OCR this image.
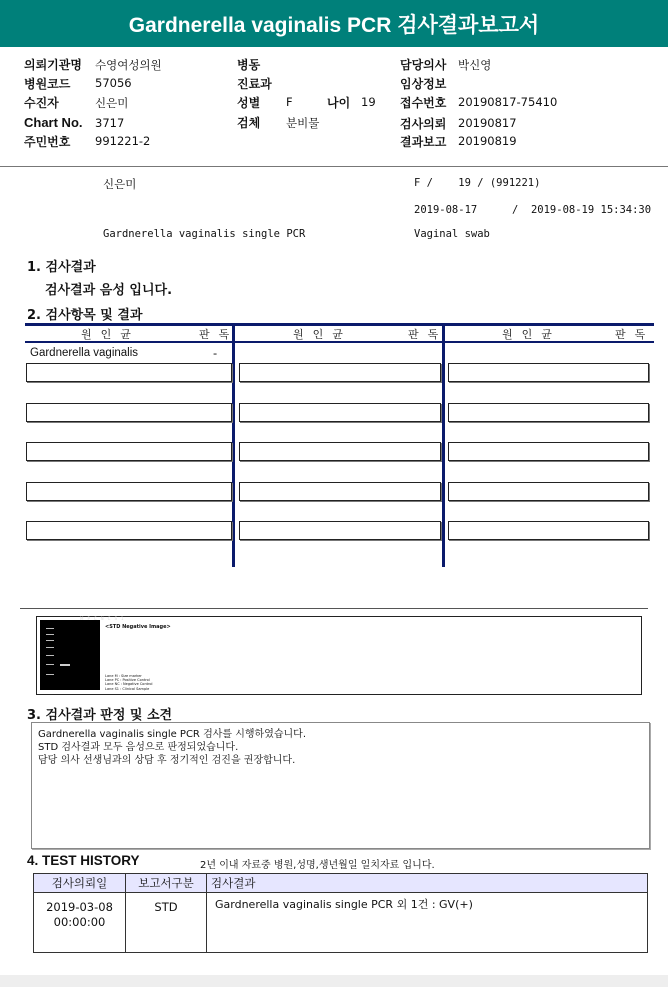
Gardnerella vaginalis PCR 검사결과보고서
의뢰기관명 수영여성의원
병원코드 57056
수진자	신은미
Chart No. 3717
주민번호 991221-2
병동
진료과
성별 F	나이 19
검체 분비물
담당의사 박신영
임상정보
접수번호 20190817-75410
검사의뢰 20190817
결과보고 20190819
신은미	F /    19 / (991221)
2019-08-17	/  2019-08-19 15:34:30
Gardnerella vaginalis single PCR	Vaginal swab
1. 검사결과
검사결과 음성 입니다.
2. 검사항목 및 결과
원인균	판독	원인균	판독	원인균	판독
Gardnerella vaginalis	-
MPCNCS1
<STD Negative Image>
Lane M : Size marker
Lane PC : Positive Control
Lane NC : Negative Control
Lane S1 : Clinical Sample
3. 검사결과 판정 및 소견
Gardnerella vaginalis single PCR 검사를 시행하였습니다.
STD 검사결과 모두 음성으로 판정되었습니다.
담당 의사 선생님과의 상담 후 정기적인 검진을 권장합니다.
4. TEST HISTORY	2년 이내 자료중 병원,성명,생년월일 일치자료 입니다.
검사의뢰일	보고서구분	검사결과

2019-03-08
00:00:00	STD	Gardnerella vaginalis single PCR 외 1건 : GV(+)
